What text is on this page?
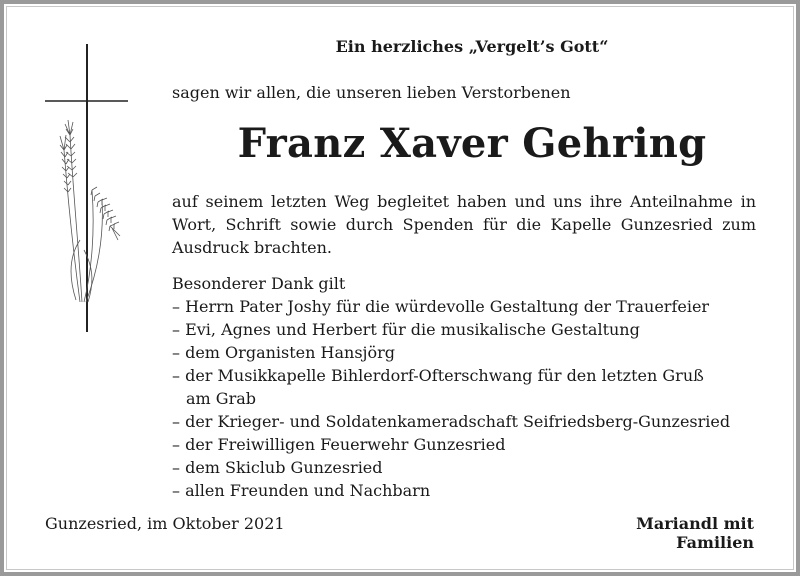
Ein herzliches „Vergelt’s Gott“
sagen wir allen, die unseren lieben Verstorbenen
Franz Xaver Gehring

auf seinem letzten Weg begleitet haben und uns ihre Anteilnahme in Wort, Schrift sowie durch Spenden für die Kapelle Gunzesried zum Ausdruck brachten.

Besonderer Dank gilt

– Herrn Pater Joshy für die würdevolle Gestaltung der Trauerfeier
– Evi, Agnes und Herbert für die musikalische Gestaltung
– dem Organisten Hansjörg
– der Musikkapelle Bihlerdorf-Ofterschwang für den letzten Gruß
am Grab
– der Krieger- und Soldatenkameradschaft Seifriedsberg-Gunzesried
– der Freiwilligen Feuerwehr Gunzesried
– dem Skiclub Gunzesried
– allen Freunden und Nachbarn
Gunzesried, im Oktober 2021	Mariandl mit Familien
